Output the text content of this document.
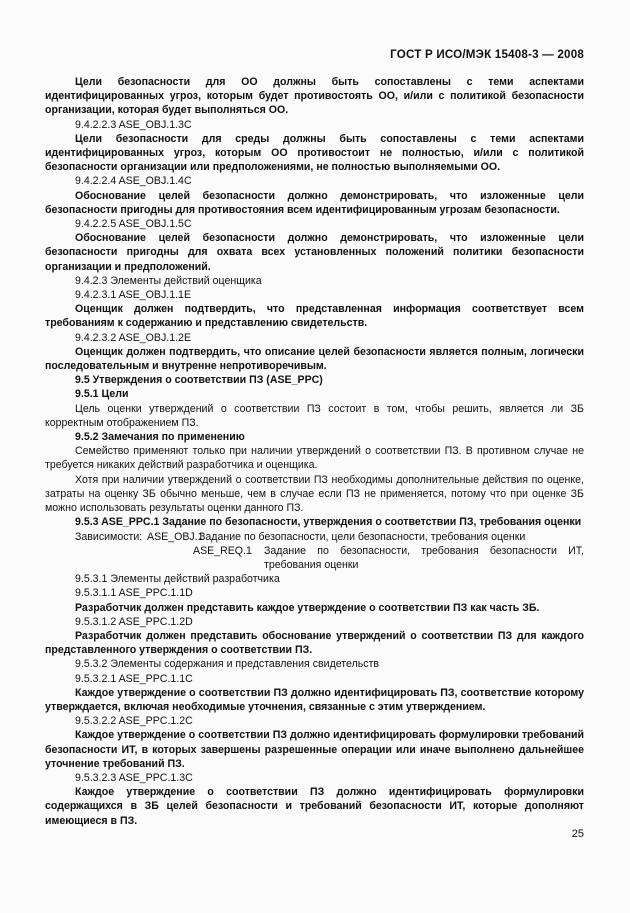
ГОСТ Р ИСО/МЭК 15408-3 — 2008

Цели безопасности для ОО должны быть сопоставлены с теми аспектами идентифицированных угроз, которым будет противостоять ОО, и/или с политикой безопасности организации, которая будет выполняться ОО.

9.4.2.2.3 ASE_OBJ.1.3C

Цели безопасности для среды должны быть сопоставлены с теми аспектами идентифицированных угроз, которым ОО противостоит не полностью, и/или с политикой безопасности организации или предположениями, не полностью выполняемыми ОО.

9.4.2.2.4 ASE_OBJ.1.4C

Обоснование целей безопасности должно демонстрировать, что изложенные цели безопасности пригодны для противостояния всем идентифицированным угрозам безопасности.

9.4.2.2.5 ASE_OBJ.1.5C

Обоснование целей безопасности должно демонстрировать, что изложенные цели безопасности пригодны для охвата всех установленных положений политики безопасности организации и предположений.

9.4.2.3 Элементы действий оценщика

9.4.2.3.1 ASE_OBJ.1.1E

Оценщик должен подтвердить, что представленная информация соответствует всем требованиям к содержанию и представлению свидетельств.

9.4.2.3.2 ASE_OBJ.1.2E

Оценщик должен подтвердить, что описание целей безопасности является полным, логически последовательным и внутренне непротиворечивым.

9.5 Утверждения о соответствии ПЗ (ASE_PPC)

9.5.1 Цели

Цель оценки утверждений о соответствии ПЗ состоит в том, чтобы решить, является ли ЗБ корректным отображением ПЗ.

9.5.2 Замечания по применению

Семейство применяют только при наличии утверждений о соответствии ПЗ. В противном случае не требуется никаких действий разработчика и оценщика.

Хотя при наличии утверждений о соответствии ПЗ необходимы дополнительные действия по оценке, затраты на оценку ЗБ обычно меньше, чем в случае если ПЗ не применяется, потому что при оценке ЗБ можно использовать результаты оценки данного ПЗ.

9.5.3 ASE_PPC.1 Задание по безопасности, утверждения о соответствии ПЗ, требования оценки

Зависимости: ASE_OBJ.1
Задание по безопасности, цели безопасности, требования оценки
ASE_REQ.1 Задание по безопасности, требования безопасности ИТ, требования оценки

9.5.3.1 Элементы действий разработчика

9.5.3.1.1 ASE_PPC.1.1D

Разработчик должен представить каждое утверждение о соответствии ПЗ как часть ЗБ.

9.5.3.1.2 ASE_PPC.1.2D

Разработчик должен представить обоснование утверждений о соответствии ПЗ для каждого представленного утверждения о соответствии ПЗ.

9.5.3.2 Элементы содержания и представления свидетельств

9.5.3.2.1 ASE_PPC.1.1C

Каждое утверждение о соответствии ПЗ должно идентифицировать ПЗ, соответствие которому утверждается, включая необходимые уточнения, связанные с этим утверждением.

9.5.3.2.2 ASE_PPC.1.2C

Каждое утверждение о соответствии ПЗ должно идентифицировать формулировки требований безопасности ИТ, в которых завершены разрешенные операции или иначе выполнено дальнейшее уточнение требований ПЗ.

9.5.3.2.3 ASE_PPC.1.3C

Каждое утверждение о соответствии ПЗ должно идентифицировать формулировки содержащихся в ЗБ целей безопасности и требований безопасности ИТ, которые дополняют имеющиеся в ПЗ.

25
